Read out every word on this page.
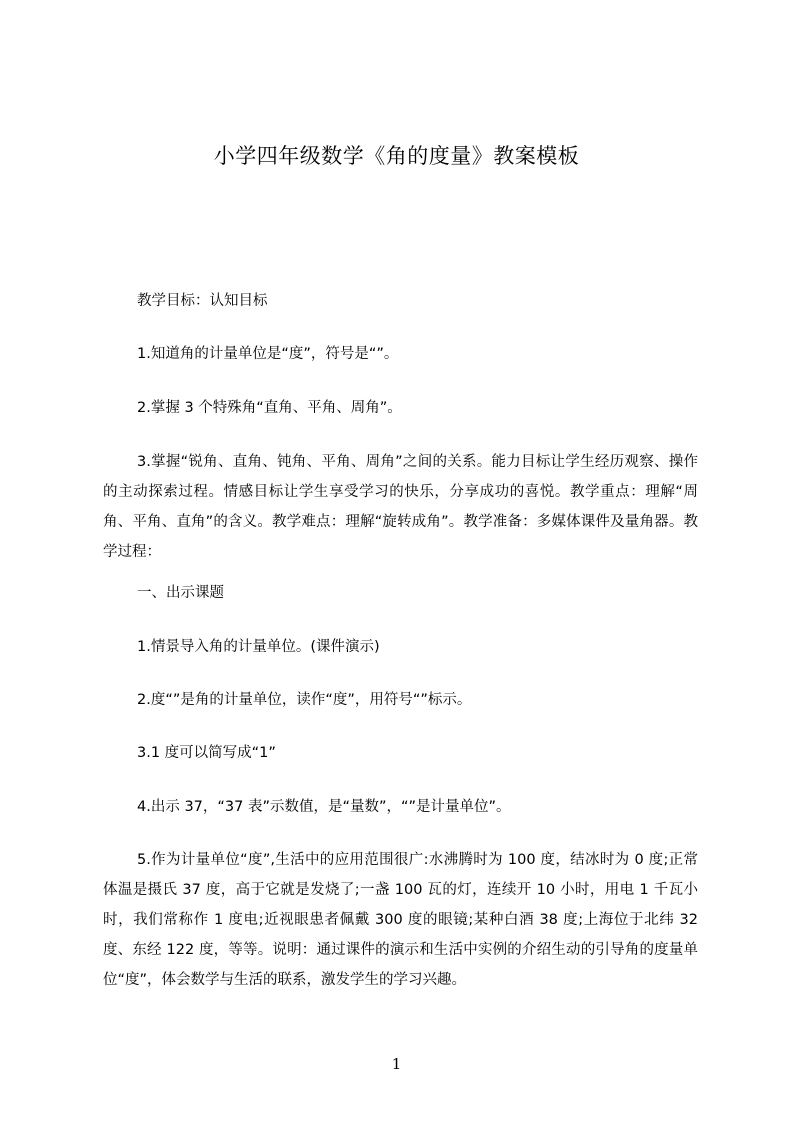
小学四年级数学《角的度量》教案模板
教学目标：认知目标
1.知道角的计量单位是“度”，符号是“”。
2.掌握 3 个特殊角“直角、平角、周角”。
3.掌握“锐角、直角、钝角、平角、周角”之间的关系。能力目标让学生经历观察、操作的主动探索过程。情感目标让学生享受学习的快乐，分享成功的喜悦。教学重点：理解“周角、平角、直角”的含义。教学难点：理解“旋转成角”。教学准备：多媒体课件及量角器。教学过程：
一、出示课题
1.情景导入角的计量单位。(课件演示)
2.度“”是角的计量单位，读作“度”，用符号“”标示。
3.1 度可以简写成“1”
4.出示 37，“37 表”示数值，是“量数”，“”是计量单位”。
5.作为计量单位“度”,生活中的应用范围很广:水沸腾时为 100 度，结冰时为 0 度;正常体温是摄氏 37 度，高于它就是发烧了;一盏 100 瓦的灯，连续开 10 小时，用电 1 千瓦小时，我们常称作 1 度电;近视眼患者佩戴 300 度的眼镜;某种白酒 38 度;上海位于北纬 32 度、东经 122 度，等等。说明：通过课件的演示和生活中实例的介绍生动的引导角的度量单位“度”，体会数学与生活的联系，激发学生的学习兴趣。
1
